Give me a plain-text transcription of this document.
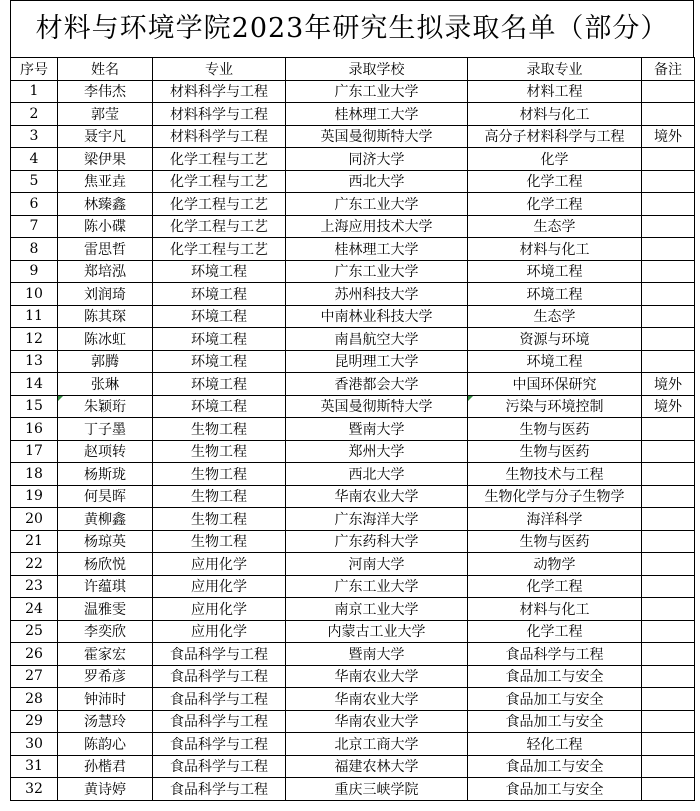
材料与环境学院2023年研究生拟录取名单（部分）
序号	姓名	专业	录取学校	录取专业	备注
1	李伟杰	材料科学与工程	广东工业大学	材料工程	
2	郭莹	材料科学与工程	桂林理工大学	材料与化工	
3	聂宇凡	材料科学与工程	英国曼彻斯特大学	高分子材料科学与工程	境外
4	梁伊果	化学工程与工艺	同济大学	化学	
5	焦亚垚	化学工程与工艺	西北大学	化学工程	
6	林臻鑫	化学工程与工艺	广东工业大学	化学工程	
7	陈小碟	化学工程与工艺	上海应用技术大学	生态学	
8	雷思哲	化学工程与工艺	桂林理工大学	材料与化工	
9	郑培泓	环境工程	广东工业大学	环境工程	
10	刘润琦	环境工程	苏州科技大学	环境工程	
11	陈其琛	环境工程	中南林业科技大学	生态学	
12	陈冰虹	环境工程	南昌航空大学	资源与环境	
13	郭腾	环境工程	昆明理工大学	环境工程	
14	张琳	环境工程	香港都会大学	中国环保研究	境外
15	朱颖珩	环境工程	英国曼彻斯特大学	污染与环境控制	境外
16	丁子墨	生物工程	暨南大学	生物与医药	
17	赵项转	生物工程	郑州大学	生物与医药	
18	杨斯珑	生物工程	西北大学	生物技术与工程	
19	何昊晖	生物工程	华南农业大学	生物化学与分子生物学	
20	黄柳鑫	生物工程	广东海洋大学	海洋科学	
21	杨琼英	生物工程	广东药科大学	生物与医药	
22	杨欣悦	应用化学	河南大学	动物学	
23	许蕴琪	应用化学	广东工业大学	化学工程	
24	温雅雯	应用化学	南京工业大学	材料与化工	
25	李奕欣	应用化学	内蒙古工业大学	化学工程	
26	霍家宏	食品科学与工程	暨南大学	食品科学与工程	
27	罗希彦	食品科学与工程	华南农业大学	食品加工与安全	
28	钟沛时	食品科学与工程	华南农业大学	食品加工与安全	
29	汤慧玲	食品科学与工程	华南农业大学	食品加工与安全	
30	陈韵心	食品科学与工程	北京工商大学	轻化工程	
31	孙楷君	食品科学与工程	福建农林大学	食品加工与安全	
32	黄诗婷	食品科学与工程	重庆三峡学院	食品加工与安全	
